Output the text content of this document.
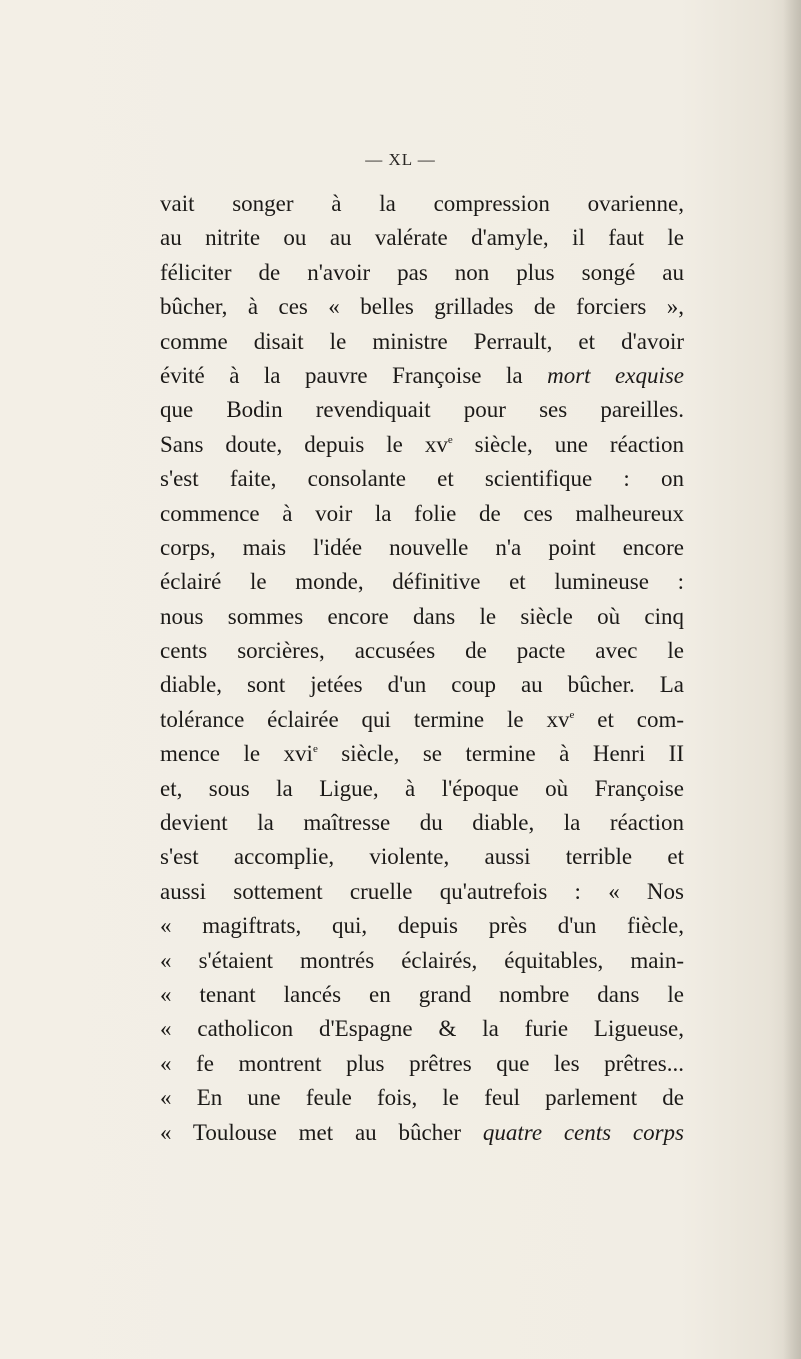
— XL —
vait songer à la compression ovarienne,
au nitrite ou au valérate d'amyle, il faut le
féliciter de n'avoir pas non plus songé au
bûcher, à ces « belles grillades de forciers »,
comme disait le ministre Perrault, et d'avoir
évité à la pauvre Françoise la mort exquise
que Bodin revendiquait pour ses pareilles.
Sans doute, depuis le $xv^e$ siècle, une réaction
s'est faite, consolante et scientifique : on
commence à voir la folie de ces malheureux
corps, mais l'idée nouvelle n'a point encore
éclairé le monde, définitive et lumineuse :
nous sommes encore dans le siècle où cinq
cents sorcières, accusées de pacte avec le
diable, sont jetées d'un coup au bûcher. La
tolérance éclairée qui termine le $xv^e$ et com-
mence le xvi$^e$ siècle, se termine à Henri II
et, sous la Ligue, à l'époque où Françoise
devient la maîtresse du diable, la réaction
s'est accomplie, violente, aussi terrible et
aussi sottement cruelle qu'autrefois : « Nos
« magiftrats, qui, depuis près d'un fiècle,
« s'étaient montrés éclairés, équitables, main-
« tenant lancés en grand nombre dans le
« catholicon d'Espagne & la furie Ligueuse,
« fe montrent plus prêtres que les prêtres...
« En une feule fois, le feul parlement de
« Toulouse met au bûcher quatre cents corps
